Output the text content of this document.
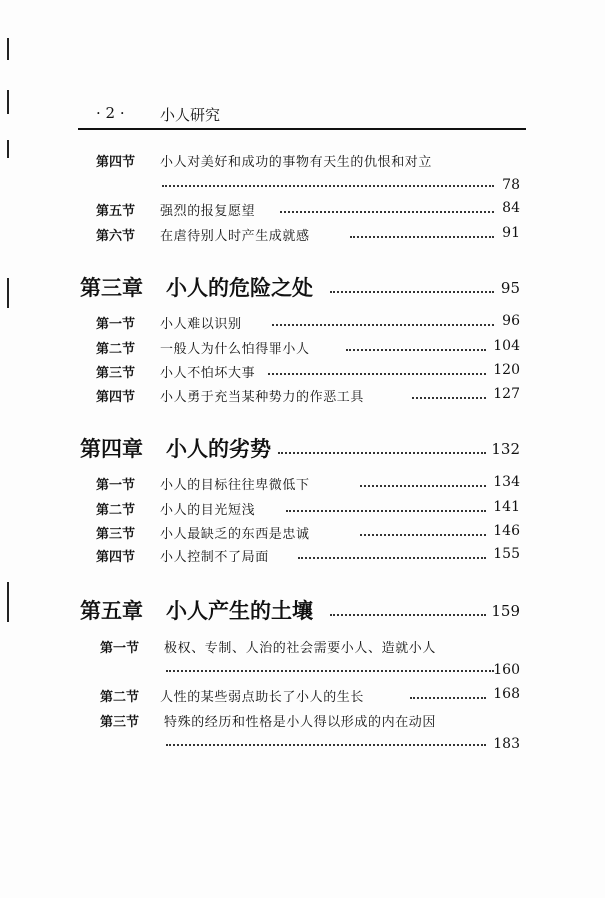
· 2 · 小人研究
第四节 小人对美好和成功的事物有天生的仇恨和对立
78
第五节 强烈的报复愿望	84
第六节 在虐待别人时产生成就感	91
第三章 小人的危险之处	95
第一节 小人难以识别	96
第二节 一般人为什么怕得罪小人	104
第三节 小人不怕坏大事	120
第四节 小人勇于充当某种势力的作恶工具	127
第四章 小人的劣势	132
第一节 小人的目标往往卑微低下	134
第二节 小人的目光短浅	141
第三节 小人最缺乏的东西是忠诚	146
第四节 小人控制不了局面	155
第五章 小人产生的土壤	159
第一节 极权、专制、人治的社会需要小人、造就小人
160
第二节 人性的某些弱点助长了小人的生长	168
第三节 特殊的经历和性格是小人得以形成的内在动因
183
